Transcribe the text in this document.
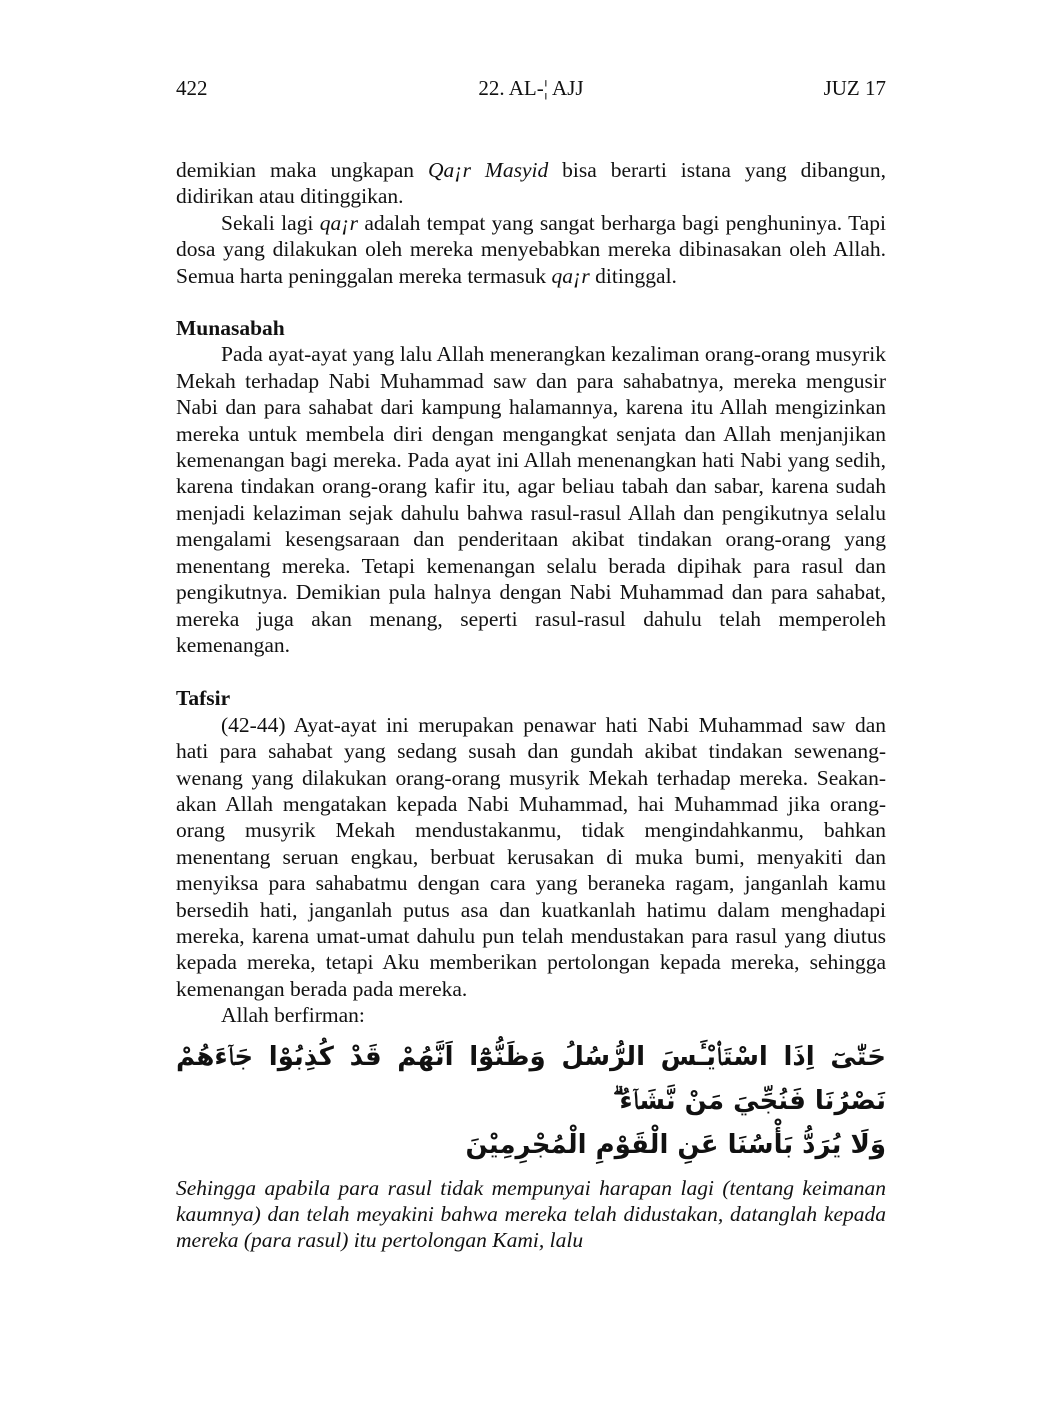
422	22. AL-¦ AJJ	JUZ 17

demikian maka ungkapan Qa¡r Masyid bisa berarti istana yang dibangun, didirikan atau ditinggikan.

Sekali lagi qa¡r adalah tempat yang sangat berharga bagi penghuninya. Tapi dosa yang dilakukan oleh mereka menyebabkan mereka dibinasakan oleh Allah. Semua harta peninggalan mereka termasuk qa¡r ditinggal.

Munasabah

Pada ayat-ayat yang lalu Allah menerangkan kezaliman orang-orang musyrik Mekah terhadap Nabi Muhammad saw dan para sahabatnya, mereka mengusir Nabi dan para sahabat dari kampung halamannya, karena itu Allah mengizinkan mereka untuk membela diri dengan mengangkat senjata dan Allah menjanjikan kemenangan bagi mereka. Pada ayat ini Allah menenangkan hati Nabi yang sedih, karena tindakan orang-orang kafir itu, agar beliau tabah dan sabar, karena sudah menjadi kelaziman sejak dahulu bahwa rasul-rasul Allah dan pengikutnya selalu mengalami kesengsaraan dan penderitaan akibat tindakan orang-orang yang menentang mereka. Tetapi kemenangan selalu berada dipihak para rasul dan pengikutnya. Demikian pula halnya dengan Nabi Muhammad dan para sahabat, mereka juga akan menang, seperti rasul-rasul dahulu telah memperoleh kemenangan.

Tafsir

(42-44) Ayat-ayat ini merupakan penawar hati Nabi Muhammad saw dan hati para sahabat yang sedang susah dan gundah akibat tindakan sewenang-wenang yang dilakukan orang-orang musyrik Mekah terhadap mereka. Seakan-akan Allah mengatakan kepada Nabi Muhammad, hai Muhammad jika orang-orang musyrik Mekah mendustakanmu, tidak mengindahkanmu, bahkan menentang seruan engkau, berbuat kerusakan di muka bumi, menyakiti dan menyiksa para sahabatmu dengan cara yang beraneka ragam, janganlah kamu bersedih hati, janganlah putus asa dan kuatkanlah hatimu dalam menghadapi mereka, karena umat-umat dahulu pun telah mendustakan para rasul yang diutus kepada mereka, tetapi Aku memberikan pertolongan kepada mereka, sehingga kemenangan berada pada mereka.

Allah berfirman:

حَتّٰىٓ اِذَا اسْتَا۟يْـَٔسَ الرُّسُلُ وَظَنُّوْٓا اَنَّهُمْ قَدْ كُذِبُوْا جَاۤءَهُمْ نَصْرُنَا فَنُجِّيَ مَنْ نَّشَاۤءُ ۗ
وَلَا يُرَدُّ بَأْسُنَا عَنِ الْقَوْمِ الْمُجْرِمِيْنَ

Sehingga apabila para rasul tidak mempunyai harapan lagi (tentang keimanan kaumnya) dan telah meyakini bahwa mereka telah didustakan, datanglah kepada mereka (para rasul) itu pertolongan Kami, lalu
